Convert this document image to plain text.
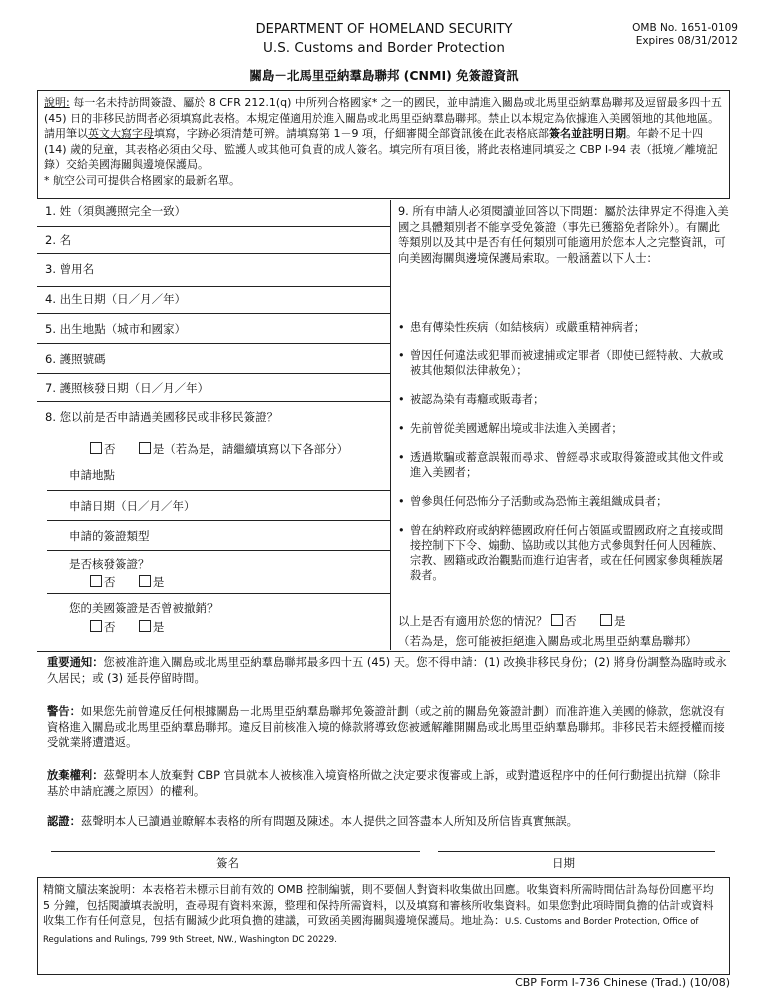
DEPARTMENT OF HOMELAND SECURITY
U.S. Customs and Border Protection
OMB No. 1651-0109
Expires 08/31/2012
關島－北馬里亞納羣島聯邦 (CNMI) 免簽證資訊
說明: 每一名未持訪問簽證、屬於 8 CFR 212.1(q) 中所列合格國家* 之一的國民，並申請進入關島或北馬里亞納羣島聯邦及逗留最多四十五 (45) 日的非移民訪問者必須填寫此表格。本規定僅適用於進入關島或北馬里亞納羣島聯邦。禁止以本規定為依據進入美國領地的其他地區。請用筆以英文大寫字母填寫，字跡必須清楚可辨。請填寫第 1－9 項，仔細審閱全部資訊後在此表格底部簽名並註明日期。年齡不足十四 (14) 歲的兒童，其表格必須由父母、監護人或其他可負責的成人簽名。填完所有項目後，將此表格連同填妥之 CBP I-94 表（抵境／離境記錄）交給美國海關與邊境保護局。
* 航空公司可提供合格國家的最新名單。
1. 姓（須與護照完全一致）
2. 名
3. 曾用名
4. 出生日期（日／月／年）
5. 出生地點（城市和國家）
6. 護照號碼
7. 護照核發日期（日／月／年）
8. 您以前是否申請過美國移民或非移民簽證？
否	是（若為是，請繼續填寫以下各部分）
申請地點
申請日期（日／月／年）
申請的簽證類型
是否核發簽證？
否	是
您的美國簽證是否曾被撤銷？
否	是
9. 所有申請人必須閱讀並回答以下問題：屬於法律界定不得進入美國之具體類別者不能享受免簽證（事先已獲豁免者除外）。有關此等類別以及其中是否有任何類別可能適用於您本人之完整資訊，可向美國海關與邊境保護局索取。一般涵蓋以下人士：
• 患有傳染性疾病（如結核病）或嚴重精神病者；
• 曾因任何違法或犯罪而被逮捕或定罪者（即使已經特赦、大赦或被其他類似法律赦免）；
• 被認為染有毒癮或販毒者；
• 先前曾從美國遞解出境或非法進入美國者；
• 透過欺騙或蓄意誤報而尋求、曾經尋求或取得簽證或其他文件或進入美國者；
• 曾參與任何恐怖分子活動或為恐怖主義組織成員者；
• 曾在納粹政府或納粹德國政府任何占領區或盟國政府之直接或間接控制下下令、煽動、協助或以其他方式參與對任何人因種族、宗教、國籍或政治觀點而進行迫害者，或在任何國家參與種族屠殺者。
以上是否有適用於您的情況？ 否	是
（若為是，您可能被拒絕進入關島或北馬里亞納羣島聯邦）
重要通知：您被准許進入關島或北馬里亞納羣島聯邦最多四十五 (45) 天。您不得申請：(1) 改換非移民身份；(2) 將身份調整為臨時或永久居民；或 (3) 延長停留時間。
警告：如果您先前曾違反任何根據關島－北馬里亞納羣島聯邦免簽證計劃（或之前的關島免簽證計劃）而准許進入美國的條款，您就沒有資格進入關島或北馬里亞納羣島聯邦。違反目前核准入境的條款將導致您被遞解離開關島或北馬里亞納羣島聯邦。非移民若未經授權而接受就業將遭遣返。
放棄權利：茲聲明本人放棄對 CBP 官員就本人被核准入境資格所做之決定要求復審或上訴，或對遣返程序中的任何行動提出抗辯（除非基於申請庇護之原因）的權利。
認證：茲聲明本人已讀過並瞭解本表格的所有問題及陳述。本人提供之回答盡本人所知及所信皆真實無誤。
簽名	日期
精簡文牘法案說明：本表格若未標示目前有效的 OMB 控制編號，則不要個人對資料收集做出回應。收集資料所需時間估計為每份回應平均 5 分鐘，包括閱讀填表說明，查尋現有資料來源，整理和保持所需資料，以及填寫和審核所收集資料。如果您對此項時間負擔的估計或資料收集工作有任何意見，包括有關減少此項負擔的建議，可致函美國海關與邊境保護局。地址為：U.S. Customs and Border Protection, Office of Regulations and Rulings, 799 9th Street, NW., Washington DC 20229.
CBP Form I-736 Chinese (Trad.) (10/08)
